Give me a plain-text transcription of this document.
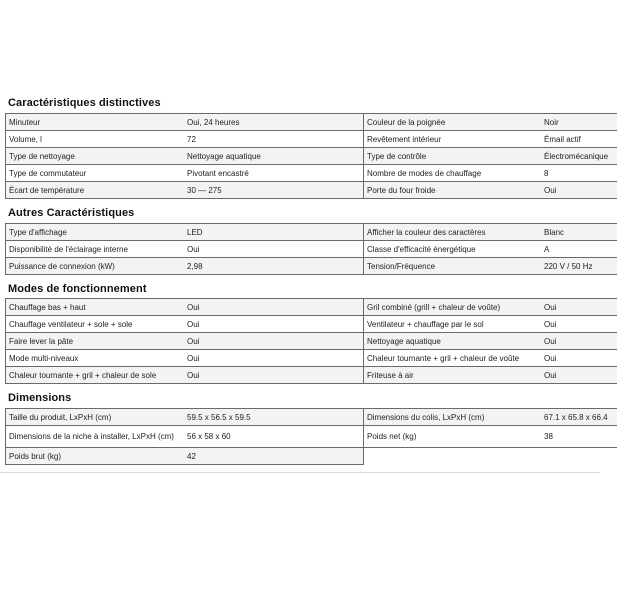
Caractéristiques distinctives
Minuteur	Oui, 24 heures	Couleur de la poignée	Noir
Volume, l	72	Revêtement intérieur	Émail actif
Type de nettoyage	Nettoyage aquatique	Type de contrôle	Électromécanique
Type de commutateur	Pivotant encastré	Nombre de modes de chauffage	8
Écart de température	30 — 275	Porte du four froide	Oui
Autres Caractéristiques
Type d'affichage	LED	Afficher la couleur des caractères	Blanc
Disponibilité de l'éclairage interne	Oui	Classe d'efficacité énergétique	A
Puissance de connexion (kW)	2,98	Tension/Fréquence	220 V / 50 Hz
Modes de fonctionnement
Chauffage bas + haut	Oui	Gril combiné (grill + chaleur de voûte)	Oui
Chauffage ventilateur + sole + sole	Oui	Ventilateur + chauffage par le sol	Oui
Faire lever la pâte	Oui	Nettoyage aquatique	Oui
Mode multi-niveaux	Oui	Chaleur tournante + gril + chaleur de voûte	Oui
Chaleur tournante + gril + chaleur de sole	Oui	Friteuse à air	Oui
Dimensions
Taille du produit, LxPxH (cm)	59.5 x 56.5 x 59.5	Dimensions du colis, LxPxH (cm)	67.1 x 65.8 x 66.4
Dimensions de la niche à installer, LxPxH (cm)	56 x 58 x 60	Poids net (kg)	38
Poids brut (kg)	42		
